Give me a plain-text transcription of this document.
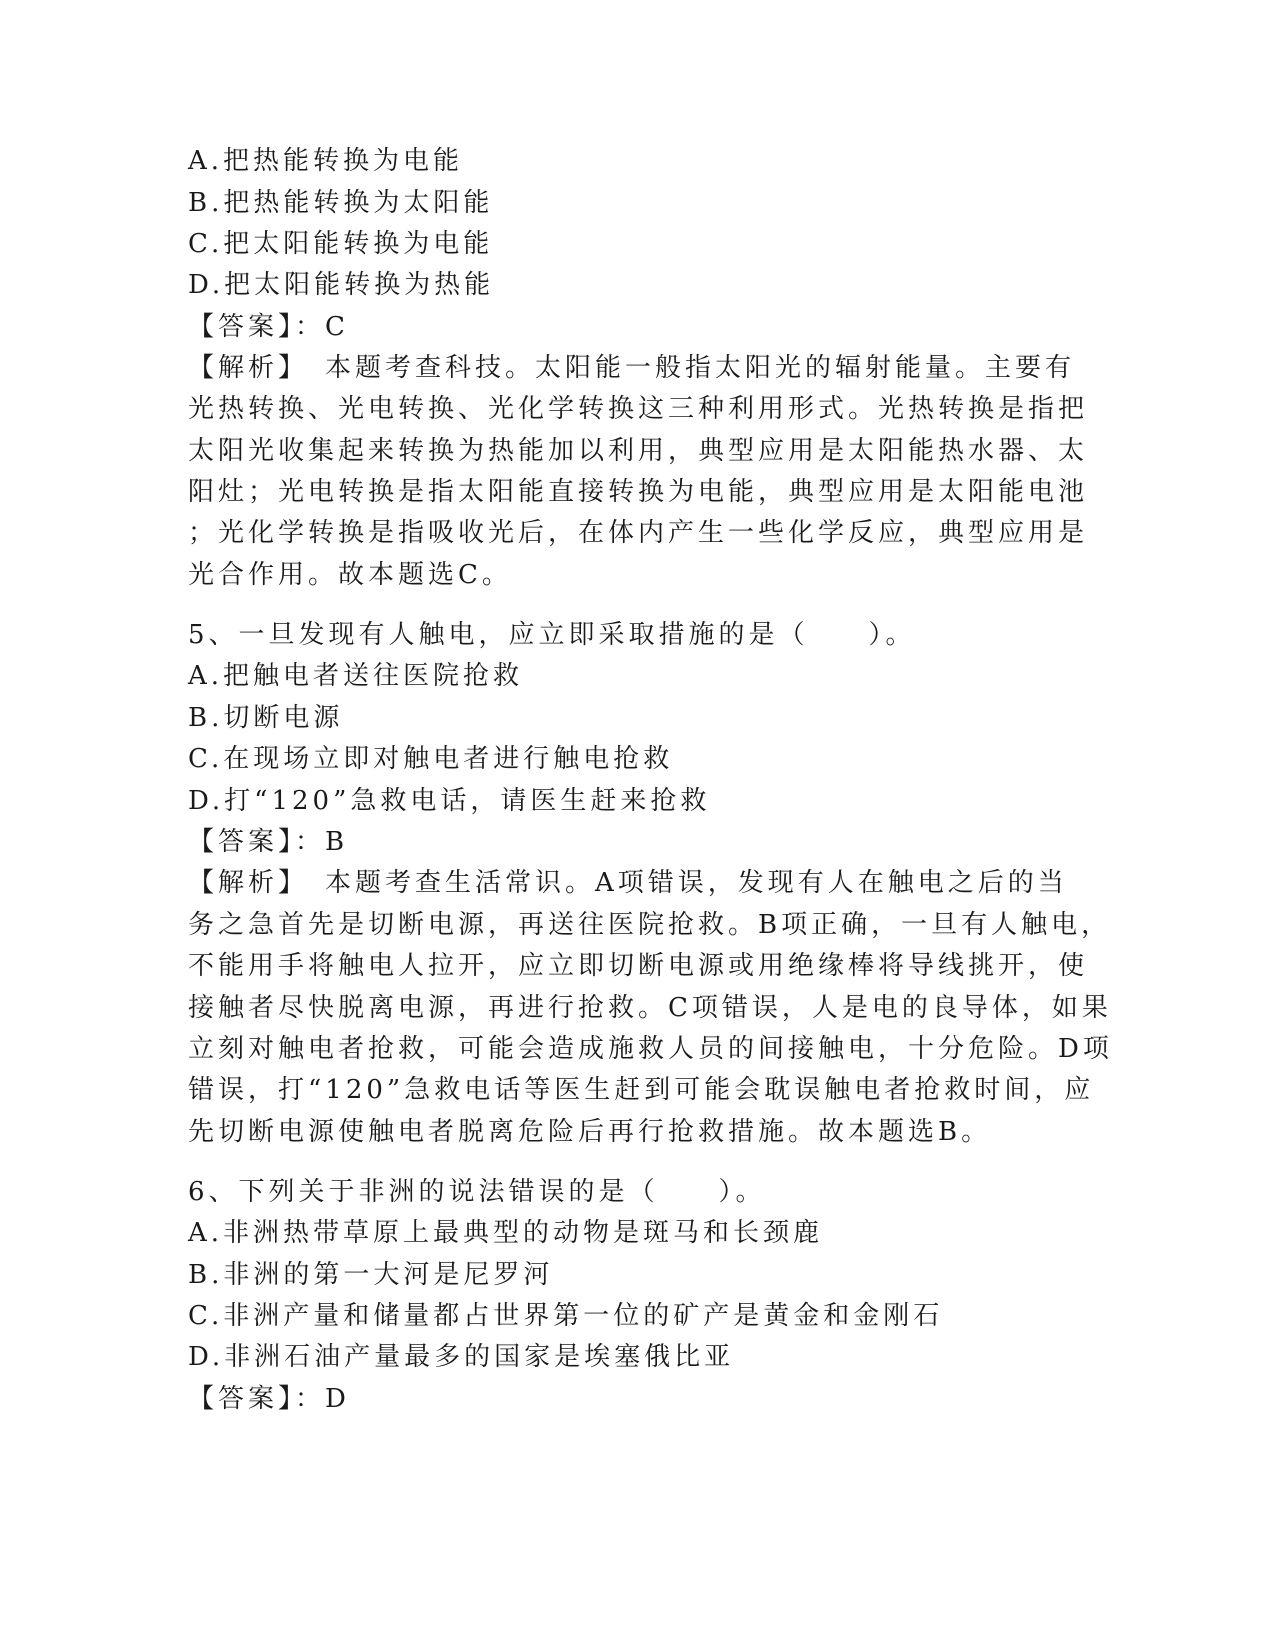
A.把热能转换为电能
B.把热能转换为太阳能
C.把太阳能转换为电能
D.把太阳能转换为热能
【答案】：C
【解析】　本题考查科技。太阳能一般指太阳光的辐射能量。主要有
光热转换、光电转换、光化学转换这三种利用形式。光热转换是指把
太阳光收集起来转换为热能加以利用，典型应用是太阳能热水器、太
阳灶；光电转换是指太阳能直接转换为电能，典型应用是太阳能电池
；光化学转换是指吸收光后，在体内产生一些化学反应，典型应用是
光合作用。故本题选C。
5、一旦发现有人触电，应立即采取措施的是（　　）。
A.把触电者送往医院抢救
B.切断电源
C.在现场立即对触电者进行触电抢救
D.打“120”急救电话，请医生赶来抢救
【答案】：B
【解析】　本题考查生活常识。A项错误，发现有人在触电之后的当
务之急首先是切断电源，再送往医院抢救。B项正确，一旦有人触电，
不能用手将触电人拉开，应立即切断电源或用绝缘棒将导线挑开，使
接触者尽快脱离电源，再进行抢救。C项错误，人是电的良导体，如果
立刻对触电者抢救，可能会造成施救人员的间接触电，十分危险。D项
错误，打“120”急救电话等医生赶到可能会耽误触电者抢救时间，应
先切断电源使触电者脱离危险后再行抢救措施。故本题选B。
6、下列关于非洲的说法错误的是（　　）。
A.非洲热带草原上最典型的动物是斑马和长颈鹿
B.非洲的第一大河是尼罗河
C.非洲产量和储量都占世界第一位的矿产是黄金和金刚石
D.非洲石油产量最多的国家是埃塞俄比亚
【答案】：D
